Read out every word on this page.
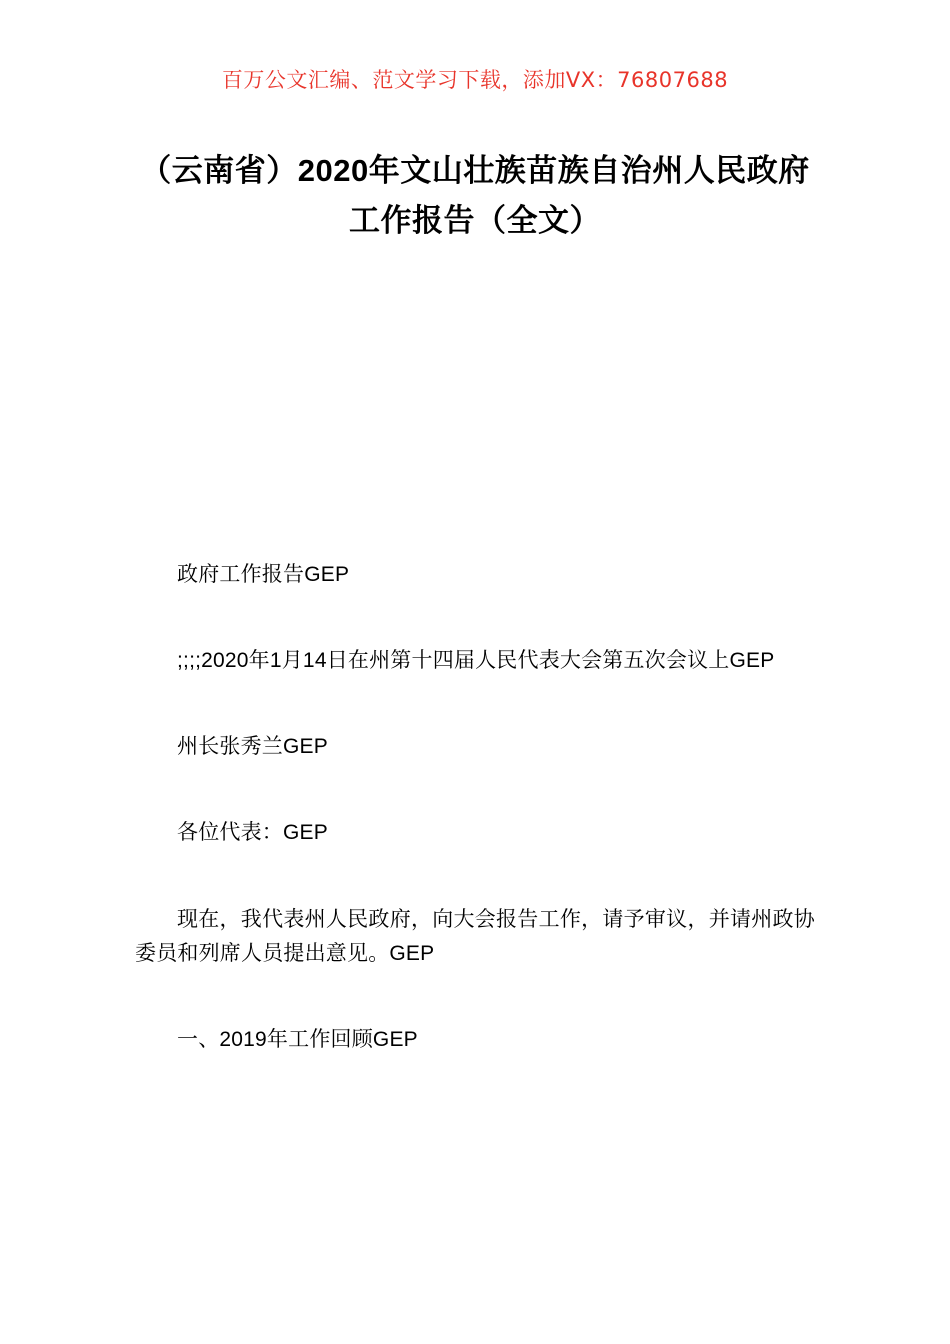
百万公文汇编、范文学习下载，添加VX：76807688
（云南省）2020年文山壮族苗族自治州人民政府工作报告（全文）

政府工作报告GEP

;;;;2020年1月14日在州第十四届人民代表大会第五次会议上GEP

州长张秀兰GEP

各位代表：GEP

现在，我代表州人民政府，向大会报告工作，请予审议，并请州政协委员和列席人员提出意见。GEP

一、2019年工作回顾GEP
